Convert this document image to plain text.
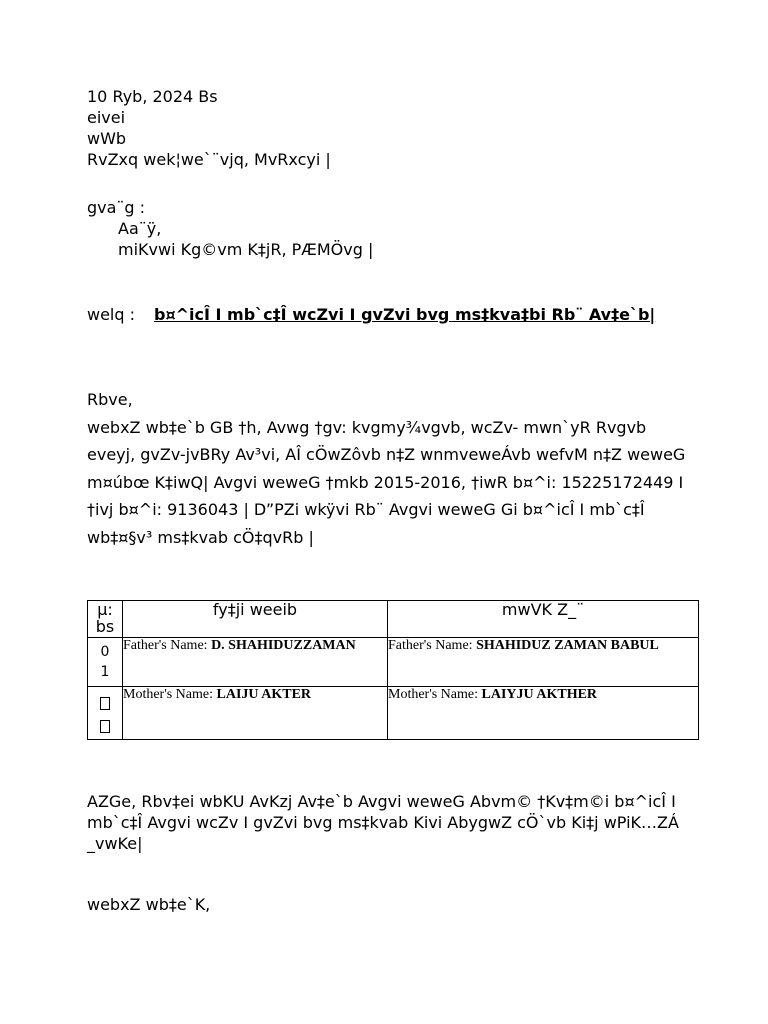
10 Ryb, 2024 Bs
eivei
wWb
RvZxq wek¦we`¨vjq, MvRxcyi |
gva¨g :
Aa¨ÿ,
miKvwi Kg©vm K‡jR, PÆMÖvg |
welq : b¤^icÎ I mb`c‡Î wcZvi I gvZvi bvg ms‡kva‡bi Rb¨ Av‡e`b|
Rbve,
webxZ wb‡e`b GB †h, Avwg †gv: kvgmy¾vgvb, wcZv- mwn`yR Rvgvb eveyj, gvZv-jvBRy Av³vi, AÎ cÖwZôvb n‡Z wnmveweÁvb wefvM n‡Z weweG m¤úbœ K‡iwQ| Avgvi weweG †mkb 2015-2016, †iwR b¤^i: 15225172449 I †ivj b¤^i: 9136043 | D”PZi wkÿvi Rb¨ Avgvi weweG Gi b¤^icÎ I mb`c‡Î wb‡¤§v³ ms‡kvab cÖ‡qvRb |
µ: bs	fy‡ji weeib	mwVK Z_¨

0
1	Father's Name: D. SHAHIDUZZAMAN	Father's Name: SHAHIDUZ ZAMAN BABUL

	Mother's Name: LAIJU AKTER	Mother's Name: LAIYJU AKTHER
AZGe, Rbv‡ei wbKU AvKzj Av‡e`b Avgvi weweG Abvm© †Kv‡m©i b¤^icÎ I mb`c‡Î Avgvi wcZv I gvZvi bvg ms‡kvab Kivi AbygwZ cÖ`vb Ki‡j wPiK…ZÁ _vwKe|
webxZ wb‡e`K,
